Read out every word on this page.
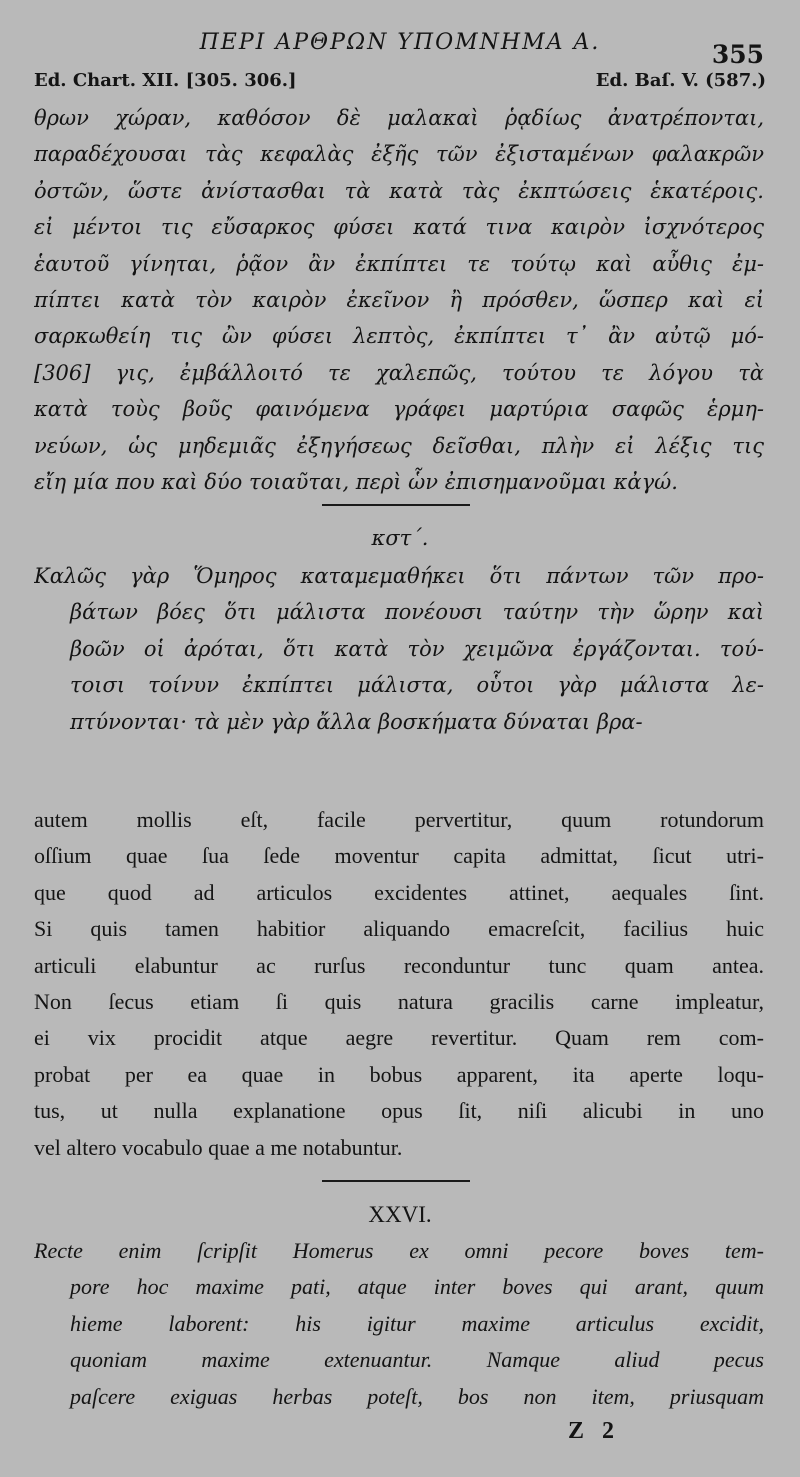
ΠΕΡΙ ΑΡΘΡΩΝ ΥΠΟΜΝΗΜΑ Α.	355
Ed. Chart. XII. [305. 306.]	Ed. Baſ. V. (587.)
θρων χώραν, καθόσον δὲ μαλακαὶ ῥᾳδίως ἀνατρέπονται,
παραδέχουσαι τὰς κεφαλὰς ἐξῆς τῶν ἐξισταμένων φαλακρῶν
ὀστῶν, ὥστε ἀνίστασθαι τὰ κατὰ τὰς ἐκπτώσεις ἑκατέροις.
εἰ μέντοι τις εὔσαρκος φύσει κατά τινα καιρὸν ἰσχνότερος
ἑαυτοῦ γίνηται, ῥᾷον ἂν ἐκπίπτει τε τούτῳ καὶ αὖθις ἐμ-
πίπτει κατὰ τὸν καιρὸν ἐκεῖνον ἢ πρόσθεν, ὥσπερ καὶ εἰ
σαρκωθείη τις ὢν φύσει λεπτὸς, ἐκπίπτει τ᾽ ἂν αὐτῷ μό-
[306] γις, ἐμβάλλοιτό τε χαλεπῶς, τούτου τε λόγου τὰ
κατὰ τοὺς βοῦς φαινόμενα γράφει μαρτύρια σαφῶς ἑρμη-
νεύων, ὡς μηδεμιᾶς ἐξηγήσεως δεῖσθαι, πλὴν εἰ λέξις τις
εἴη μία που καὶ δύο τοιαῦται, περὶ ὧν ἐπισημανοῦμαι κἀγώ.
κστ΄.
Καλῶς γὰρ Ὅμηρος καταμεμαθήκει ὅτι πάντων τῶν προ-
βάτων βόες ὅτι μάλιστα πονέουσι ταύτην τὴν ὥρην καὶ
βοῶν οἱ ἀρόται, ὅτι κατὰ τὸν χειμῶνα ἐργάζονται. τού-
τοισι τοίνυν ἐκπίπτει μάλιστα, οὗτοι γὰρ μάλιστα λε-
πτύνονται· τὰ μὲν γὰρ ἄλλα βοσκήματα δύναται βρα-
autem mollis eſt, facile pervertitur, quum rotundorum
oſſium quae ſua ſede moventur capita admittat, ſicut utri-
que quod ad articulos excidentes attinet, aequales ſint.
Si quis tamen habitior aliquando emacreſcit, facilius huic
articuli elabuntur ac rurſus reconduntur tunc quam antea.
Non ſecus etiam ſi quis natura gracilis carne impleatur,
ei vix procidit atque aegre revertitur. Quam rem com-
probat per ea quae in bobus apparent, ita aperte loqu-
tus, ut nulla explanatione opus ſit, niſi alicubi in uno
vel altero vocabulo quae a me notabuntur.
XXVI.
Recte enim ſcripſit Homerus ex omni pecore boves tem-
pore hoc maxime pati, atque inter boves qui arant, quum
hieme laborent: his igitur maxime articulus excidit,
quoniam maxime extenuantur. Namque aliud pecus
paſcere exiguas herbas poteſt, bos non item, priusquam
Z 2
